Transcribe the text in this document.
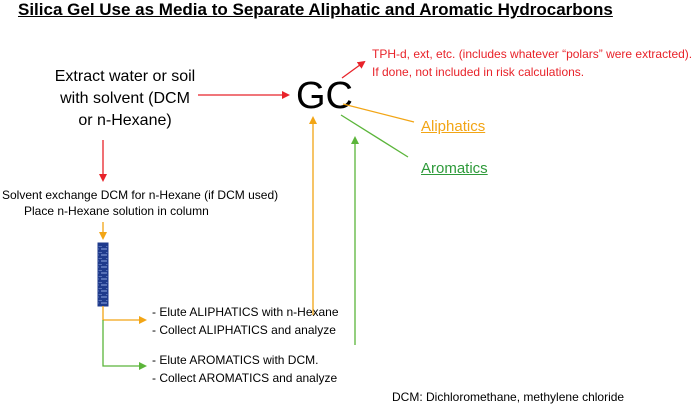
Silica Gel Use as Media to Separate Aliphatic and Aromatic Hydrocarbons
Extract water or soil
with solvent (DCM
or n-Hexane)
GC
TPH-d, ext, etc. (includes whatever “polars” were extracted).
If done, not included in risk calculations.
Aliphatics
Aromatics
Solvent exchange DCM for n-Hexane (if DCM used)
Place n-Hexane solution in column
- Elute ALIPHATICS with n-Hexane
- Collect ALIPHATICS and analyze
- Elute AROMATICS with DCM.
- Collect AROMATICS and analyze
DCM: Dichloromethane, methylene chloride
